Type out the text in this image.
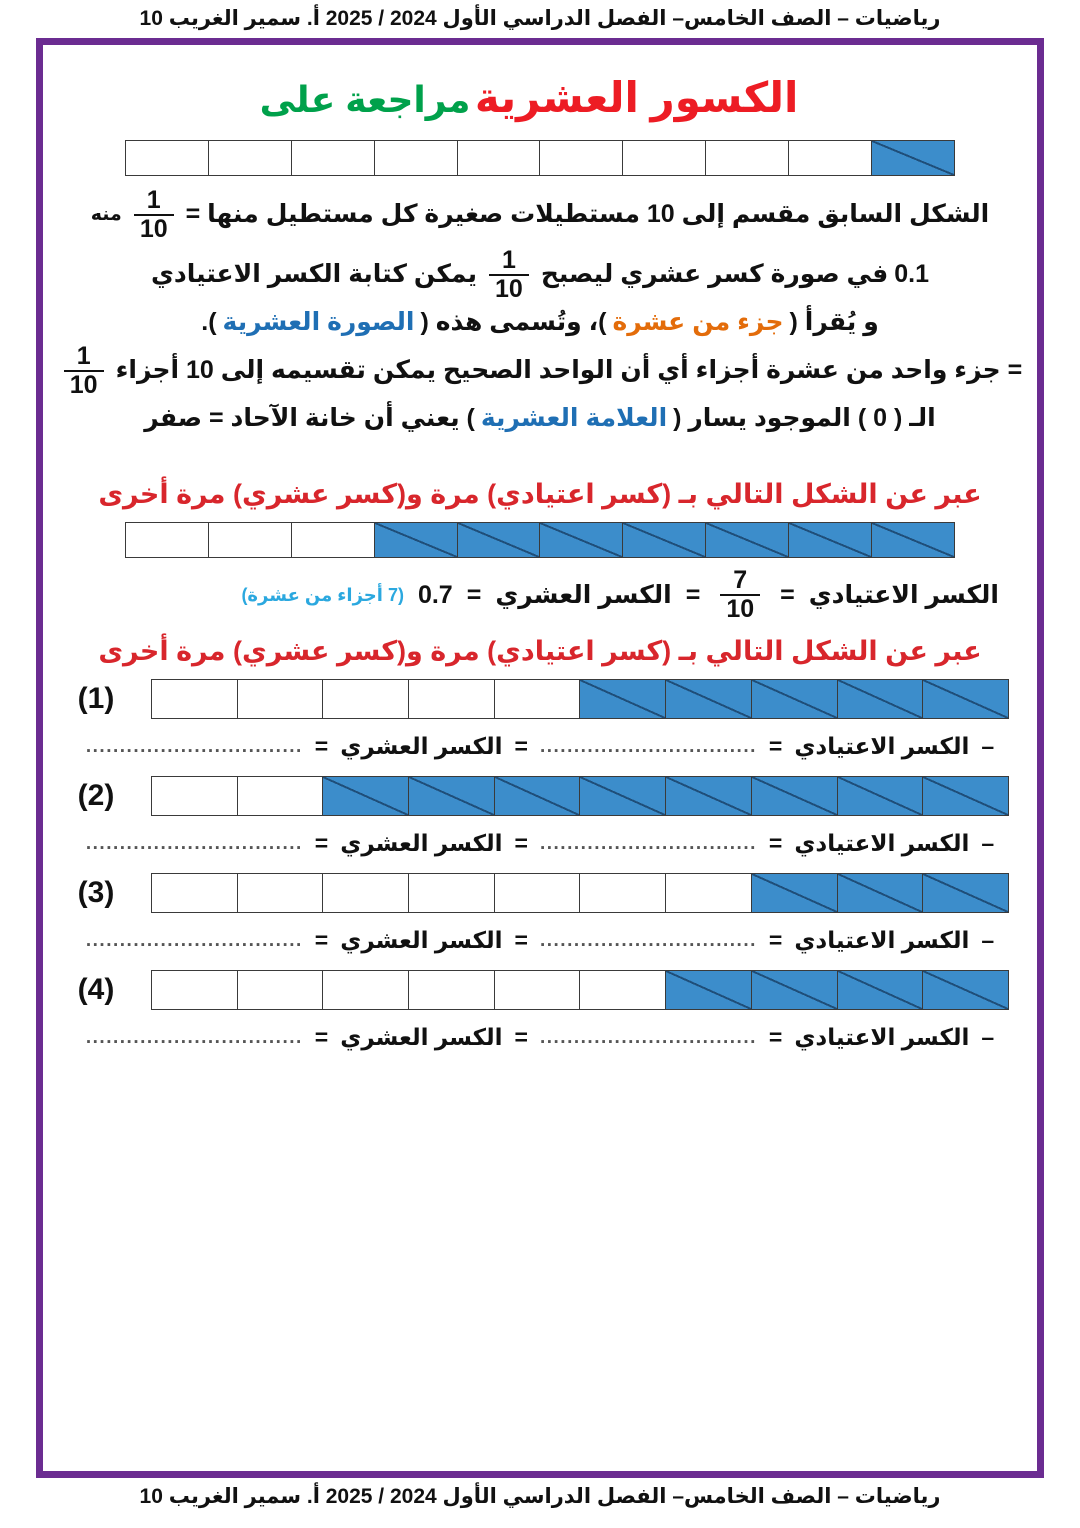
رياضيات – الصف الخامس– الفصل الدراسي الأول 2024 / 2025 أ. سمير الغريب 10
الكسور العشرية مراجعة على
الشكل السابق مقسم إلى 10 مستطيلات صغيرة كل مستطيل منها =
$\frac{1}{10}$
منه
0.1
في صورة كسر عشري ليصبح
$\frac{1}{10}$
يمكن كتابة الكسر الاعتيادي
و يُقرأ (
جزء من عشرة
)، وتُسمى هذه (
الصورة العشرية
).
= جزء واحد من عشرة أجزاء أي أن الواحد الصحيح يمكن تقسيمه إلى 10 أجزاء
$\frac{1}{10}$
الـ ( 0 ) الموجود يسار (
العلامة العشرية
) يعني أن خانة الآحاد = صفر
عبر عن الشكل التالي بـ (كسر اعتيادي) مرة و(كسر عشري) مرة أخرى
الكسر الاعتيادي
=
$\frac{7}{10}$
=
الكسر العشري
=
0.7
(7 أجزاء من عشرة)
عبر عن الشكل التالي بـ (كسر اعتيادي) مرة و(كسر عشري) مرة أخرى
(1)
–
الكسر الاعتيادي
=
................................
=
الكسر العشري
=
................................
(2)
–
الكسر الاعتيادي
=
................................
=
الكسر العشري
=
................................
(3)
–
الكسر الاعتيادي
=
................................
=
الكسر العشري
=
................................
(4)
–
الكسر الاعتيادي
=
................................
=
الكسر العشري
=
................................
رياضيات – الصف الخامس– الفصل الدراسي الأول 2024 / 2025 أ. سمير الغريب 10
